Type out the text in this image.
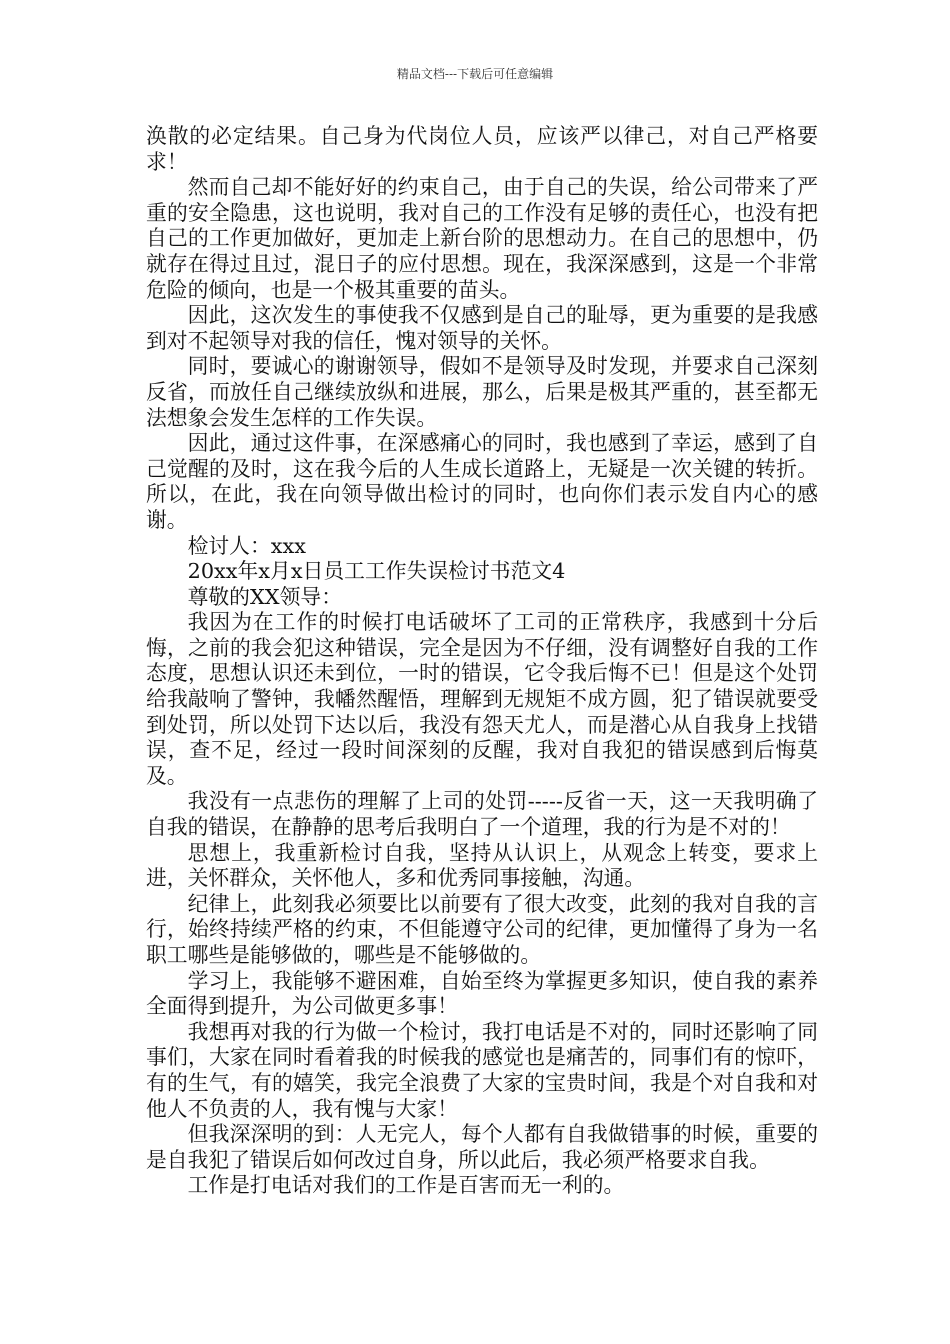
精品文档---下载后可任意编辑

涣散的必定结果。自己身为代岗位人员，应该严以律己，对自己严格要求！

然而自己却不能好好的约束自己，由于自己的失误，给公司带来了严重的安全隐患，这也说明，我对自己的工作没有足够的责任心，也没有把自己的工作更加做好，更加走上新台阶的思想动力。在自己的思想中，仍就存在得过且过，混日子的应付思想。现在，我深深感到，这是一个非常危险的倾向，也是一个极其重要的苗头。

因此，这次发生的事使我不仅感到是自己的耻辱，更为重要的是我感到对不起领导对我的信任，愧对领导的关怀。

同时，要诚心的谢谢领导，假如不是领导及时发现，并要求自己深刻反省，而放任自己继续放纵和进展，那么，后果是极其严重的，甚至都无法想象会发生怎样的工作失误。

因此，通过这件事，在深感痛心的同时，我也感到了幸运，感到了自己觉醒的及时，这在我今后的人生成长道路上，无疑是一次关键的转折。所以，在此，我在向领导做出检讨的同时，也向你们表示发自内心的感谢。

检讨人：xxx

20xx年x月x日员工工作失误检讨书范文4

尊敬的XX领导：

我因为在工作的时候打电话破坏了工司的正常秩序，我感到十分后悔，之前的我会犯这种错误，完全是因为不仔细，没有调整好自我的工作态度，思想认识还未到位，一时的错误，它令我后悔不已！但是这个处罚给我敲响了警钟，我幡然醒悟，理解到无规矩不成方圆，犯了错误就要受到处罚，所以处罚下达以后，我没有怨天尤人，而是潜心从自我身上找错误，查不足，经过一段时间深刻的反醒，我对自我犯的错误感到后悔莫及。

我没有一点悲伤的理解了上司的处罚-----反省一天，这一天我明确了自我的错误，在静静的思考后我明白了一个道理，我的行为是不对的！

思想上，我重新检讨自我，坚持从认识上，从观念上转变，要求上进，关怀群众，关怀他人，多和优秀同事接触，沟通。

纪律上，此刻我必须要比以前要有了很大改变，此刻的我对自我的言行，始终持续严格的约束，不但能遵守公司的纪律，更加懂得了身为一名职工哪些是能够做的，哪些是不能够做的。

学习上，我能够不避困难，自始至终为掌握更多知识，使自我的素养全面得到提升，为公司做更多事！

我想再对我的行为做一个检讨，我打电话是不对的，同时还影响了同事们，大家在同时看着我的时候我的感觉也是痛苦的，同事们有的惊吓，有的生气，有的嬉笑，我完全浪费了大家的宝贵时间，我是个对自我和对他人不负责的人，我有愧与大家！

但我深深明的到：人无完人，每个人都有自我做错事的时候，重要的是自我犯了错误后如何改过自身，所以此后，我必须严格要求自我。

工作是打电话对我们的工作是百害而无一利的。
